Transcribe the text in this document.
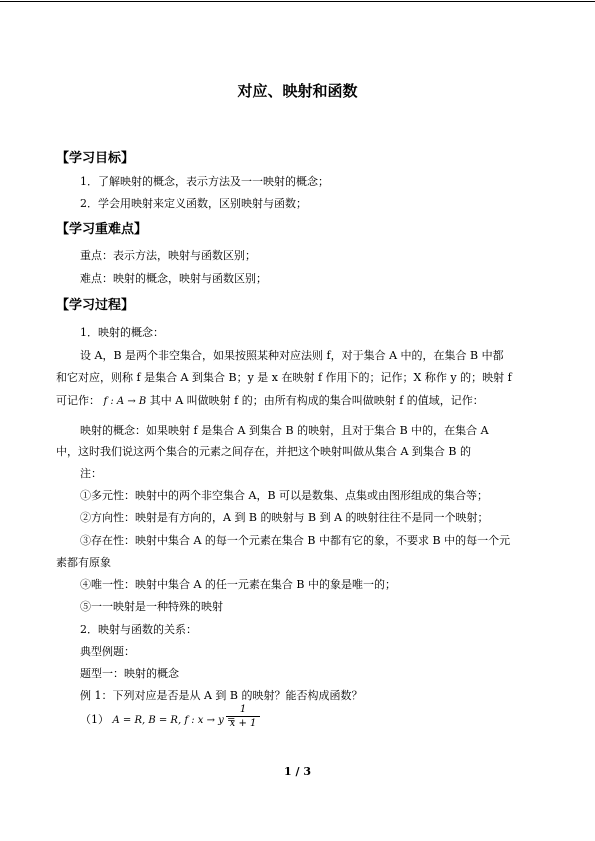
对应、映射和函数
【学习目标】
1．了解映射的概念，表示方法及一一映射的概念；
2．学会用映射来定义函数，区别映射与函数；
【学习重难点】
重点：表示方法，映射与函数区别；
难点：映射的概念，映射与函数区别；
【学习过程】
1．映射的概念：
设 A，B 是两个非空集合，如果按照某种对应法则 f，对于集合 A 中的，在集合 B 中都
和它对应，则称 f 是集合 A 到集合 B；y 是 x 在映射 f 作用下的；记作；X 称作 y 的；映射 f
可记作： f : A → B 其中 A 叫做映射 f 的；由所有构成的集合叫做映射 f 的值域，记作：
映射的概念：如果映射 f 是集合 A 到集合 B 的映射，且对于集合 B 中的，在集合 A
中，这时我们说这两个集合的元素之间存在，并把这个映射叫做从集合 A 到集合 B 的
注：
①多元性：映射中的两个非空集合 A，B 可以是数集、点集或由图形组成的集合等；
②方向性：映射是有方向的，A 到 B 的映射与 B 到 A 的映射往往不是同一个映射；
③存在性：映射中集合 A 的每一个元素在集合 B 中都有它的象，不要求 B 中的每一个元
素都有原象
④唯一性：映射中集合 A 的任一元素在集合 B 中的象是唯一的；
⑤一一映射是一种特殊的映射
2．映射与函数的关系：
典型例题：
题型一：映射的概念
例 1：下列对应是否是从 A 到 B 的映射？能否构成函数？
（1） A = R, B = R, f : x → y =
1
x + 1
1 / 3
